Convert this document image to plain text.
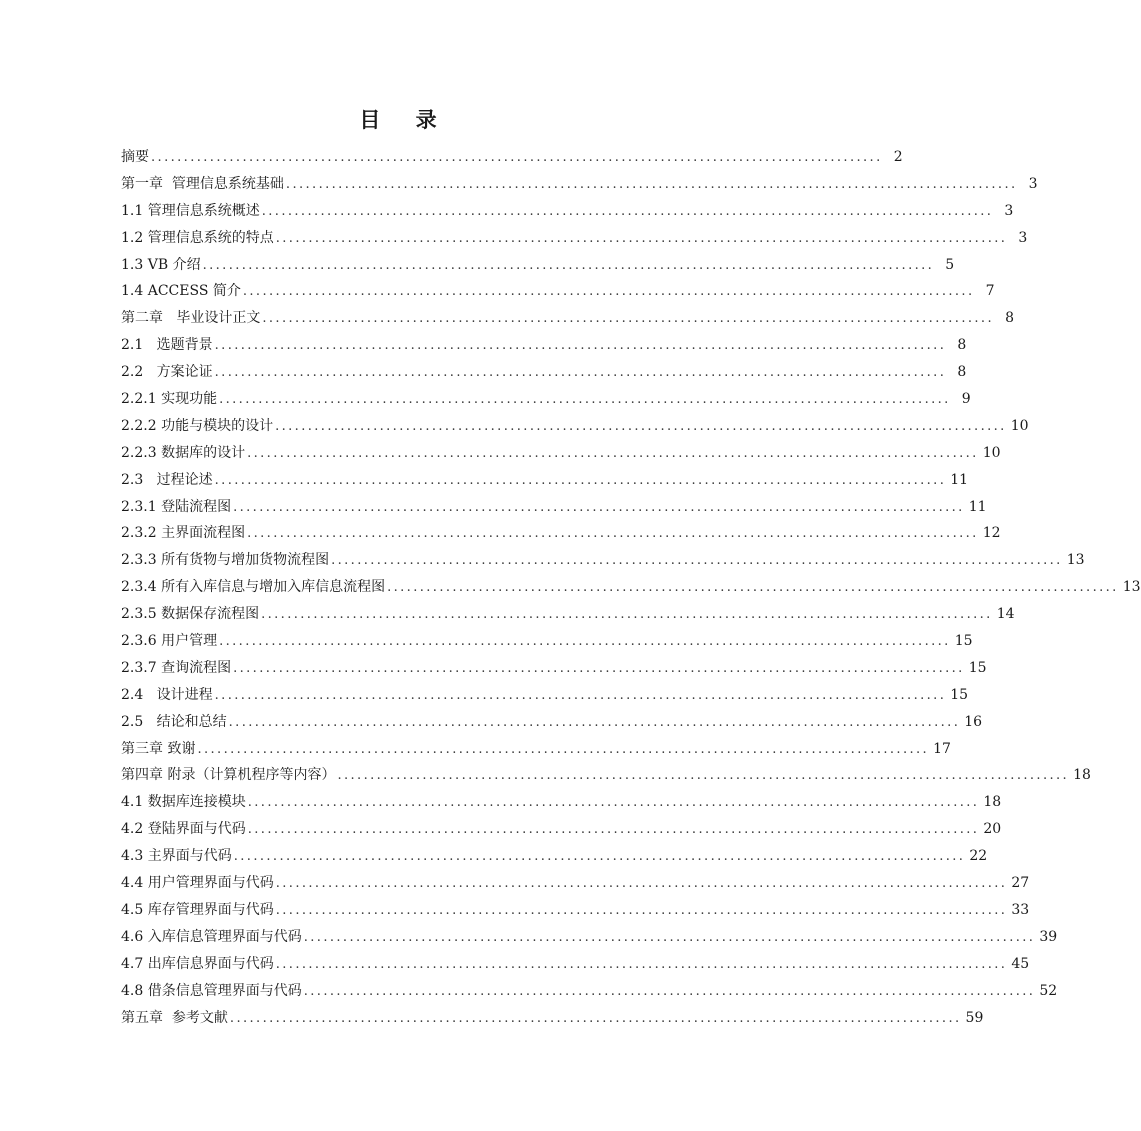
目 录
摘要 ................................................................................................................ 2
第一章  管理信息系统基础 ................................................................................................................ 3
1.1 管理信息系统概述 ................................................................................................................ 3
1.2 管理信息系统的特点 ................................................................................................................ 3
1.3 VB 介绍 ................................................................................................................ 5
1.4 ACCESS 简介 ................................................................................................................ 7
第二章   毕业设计正文 ................................................................................................................ 8
2.1   选题背景 ................................................................................................................ 8
2.2   方案论证 ................................................................................................................ 8
2.2.1 实现功能 ................................................................................................................ 9
2.2.2 功能与模块的设计 ................................................................................................................ 10
2.2.3 数据库的设计 ................................................................................................................ 10
2.3   过程论述 ................................................................................................................ 11
2.3.1 登陆流程图 ................................................................................................................ 11
2.3.2 主界面流程图 ................................................................................................................ 12
2.3.3 所有货物与增加货物流程图 ................................................................................................................ 13
2.3.4 所有入库信息与增加入库信息流程图 ................................................................................................................ 13
2.3.5 数据保存流程图 ................................................................................................................ 14
2.3.6 用户管理 ................................................................................................................ 15
2.3.7 查询流程图 ................................................................................................................ 15
2.4   设计进程 ................................................................................................................ 15
2.5   结论和总结 ................................................................................................................ 16
第三章 致谢 ................................................................................................................ 17
第四章 附录（计算机程序等内容） ................................................................................................................ 18
4.1 数据库连接模块 ................................................................................................................ 18
4.2 登陆界面与代码 ................................................................................................................ 20
4.3 主界面与代码 ................................................................................................................ 22
4.4 用户管理界面与代码 ................................................................................................................ 27
4.5 库存管理界面与代码 ................................................................................................................ 33
4.6 入库信息管理界面与代码 ................................................................................................................ 39
4.7 出库信息界面与代码 ................................................................................................................ 45
4.8 借条信息管理界面与代码 ................................................................................................................ 52
第五章  参考文献 ................................................................................................................ 59
